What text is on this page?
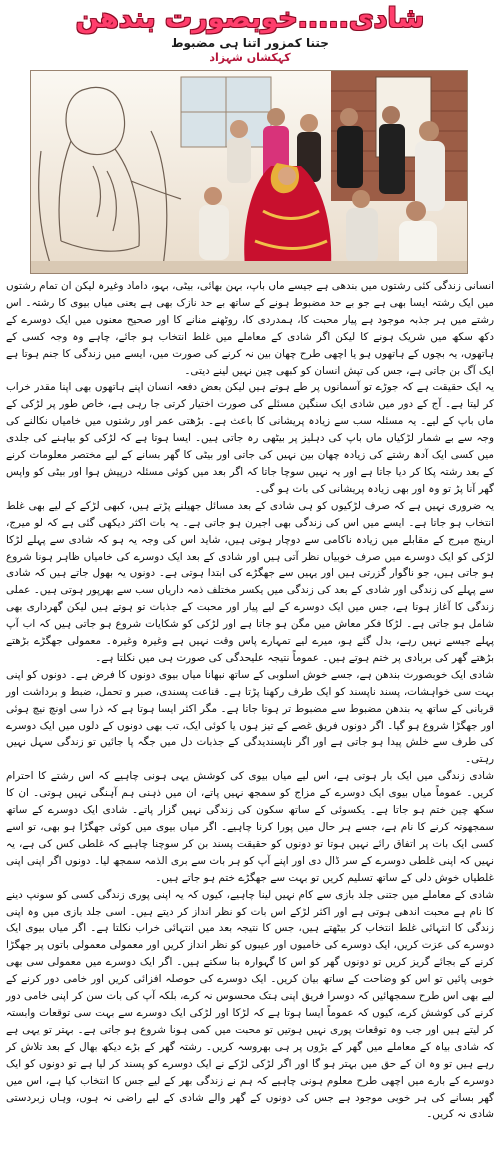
شادی.....خوبصورت بندھن
جتنا کمزور اتنا ہی مضبوط
کہکشاں شہزاد

انسانی زندگی کئی رشتوں میں بندھی ہے جیسے ماں باپ، بہن بھائی، بیٹی، بہو، داماد وغیرہ لیکن ان تمام رشتوں میں ایک رشتہ ایسا بھی ہے جو بے حد مضبوط ہونے کے ساتھ بے حد نازک بھی ہے یعنی میاں بیوی کا رشتہ۔ اس رشتے میں ہر جذبہ موجود ہے پیار محبت کا، ہمدردی کا، روٹھنے منانے کا اور صحیح معنوں میں ایک دوسرے کے دکھ سکھ میں شریک ہونے کا لیکن اگر شادی کے معاملے میں غلط انتخاب ہو جائے، چاہے وہ وجہ کسی کے ہاتھوں، یہ بچوں کے ہاتھوں ہو یا اچھی طرح چھان بین نہ کرنے کی صورت میں، ایسے میں زندگی کا جنم ہوتا ہے ایک آگ بن جاتی ہے، جس کی تپش انسان کو کبھی چین نہیں لینے دیتی۔

یہ ایک حقیقت ہے کہ جوڑے تو آسمانوں پر طے ہوتے ہیں لیکن بعض دفعہ انسان اپنے ہاتھوں بھی اپنا مقدر خراب کر لیتا ہے۔ آج کے دور میں شادی ایک سنگین مسئلے کی صورت اختیار کرتی جا رہی ہے، خاص طور پر لڑکی کے ماں باپ کے لیے۔ یہ مسئلہ سب سے زیادہ پریشانی کا باعث ہے۔ بڑھتی عمر اور رشتوں میں خامیاں نکالنے کی وجہ سے بے شمار لڑکیاں ماں باپ کی دہلیز پر بیٹھی رہ جاتی ہیں۔ ایسا ہوتا ہے کہ لڑکی کو بیاہنے کی جلدی میں کسی ایک آدھ رشتے کی زیادہ چھان بین نہیں کی جاتی اور بیٹی کا گھر بسانے کے لیے مختصر معلومات کرنے کے بعد رشتہ پکا کر دیا جاتا ہے اور یہ نہیں سوچا جاتا کہ اگر بعد میں کوئی مسئلہ درپیش ہوا اور بیٹی کو واپس گھر آنا پڑ تو وہ اور بھی زیادہ پریشانی کی بات ہو گی۔

یہ ضروری نہیں ہے کہ صرف لڑکیوں کو ہی شادی کے بعد مسائل جھیلنے پڑتے ہیں، کبھی لڑکے کے لیے بھی غلط انتخاب ہو جاتا ہے۔ ایسے میں اس کی زندگی بھی اجیرن ہو جاتی ہے۔ یہ بات اکثر دیکھی گئی ہے کہ لو میرج، ارینج میرج کے مقابلے میں زیادہ ناکامی سے دوچار ہوتی ہیں، شاید اس کی وجہ یہ ہو کہ شادی سے پہلے لڑکا لڑکی کو ایک دوسرے میں صرف خوبیاں نظر آتی ہیں اور شادی کے بعد ایک دوسرے کی خامیاں ظاہر ہونا شروع ہو جاتی ہیں، جو ناگوار گزرتی ہیں اور یہیں سے جھگڑے کی ابتدا ہوتی ہے۔ دونوں یہ بھول جاتے ہیں کہ شادی سے پہلے کی زندگی اور شادی کے بعد کی زندگی میں یکسر مختلف ذمہ داریاں سب سے بھرپور ہوتی ہیں۔ عملی زندگی کا آغاز ہوتا ہے، جس میں ایک دوسرے کے لیے پیار اور محبت کے جذبات تو ہوتے ہیں لیکن گھرداری بھی شامل ہو جاتی ہے۔ لڑکا فکر معاش میں مگن ہو جاتا ہے اور لڑکی کو شکایات شروع ہو جاتی ہیں کہ اب آپ پہلے جیسے نہیں رہے، بدل گئے ہو، میرے لیے تمہارے پاس وقت نہیں ہے وغیرہ وغیرہ۔ معمولی جھگڑے بڑھتے بڑھتے گھر کی بربادی پر ختم ہوتے ہیں۔ عموماً نتیجہ علیحدگی کی صورت ہی میں نکلتا ہے۔

شادی ایک خوبصورت بندھن ہے، جسے خوش اسلوبی کے ساتھ نبھانا میاں بیوی دونوں کا فرض ہے۔ دونوں کو اپنی بہت سی خواہشات، پسند ناپسند کو ایک طرف رکھنا پڑتا ہے۔ قناعت پسندی، صبر و تحمل، ضبط و برداشت اور قربانی کے ساتھ یہ بندھن مضبوط سے مضبوط تر ہوتا جاتا ہے۔ مگر اکثر ایسا ہوتا ہے کہ ذرا سی اونچ نیچ ہوئی اور جھگڑا شروع ہو گیا۔ اگر دونوں فریق غصے کے تیز ہوں یا کوئی ایک، تب بھی دونوں کے دلوں میں ایک دوسرے کی طرف سے خلش پیدا ہو جاتی ہے اور اگر ناپسندیدگی کے جذبات دل میں جگہ پا جائیں تو زندگی سہل نہیں رہتی۔

شادی زندگی میں ایک بار ہوتی ہے، اس لیے میاں بیوی کی کوشش یہی ہونی چاہیے کہ اس رشتے کا احترام کریں۔ عموماً میاں بیوی ایک دوسرے کے مزاج کو سمجھ نہیں پاتے، ان میں ذہنی ہم آہنگی نہیں ہوتی۔ ان کا سکھ چین ختم ہو جاتا ہے۔ یکسوئی کے ساتھ سکون کی زندگی نہیں گزار پاتے۔ شادی ایک دوسرے کے ساتھ سمجھوتہ کرنے کا نام ہے، جسے ہر حال میں پورا کرنا چاہیے۔ اگر میاں بیوی میں کوئی جھگڑا ہو بھی، تو اسے کسی ایک بات پر اتفاق رائے نہیں ہوتا تو دونوں کو حقیقت پسند بن کر سوچنا چاہیے کہ غلطی کس کی ہے، یہ نہیں کہ اپنی غلطی دوسرے کے سر ڈال دی اور اپنے آپ کو ہر بات سے بری الذمہ سمجھ لیا۔ دونوں اگر اپنی اپنی غلطیاں خوش دلی کے ساتھ تسلیم کریں تو بہت سے جھگڑے ختم ہو جاتے ہیں۔

شادی کے معاملے میں جتنی جلد بازی سے کام نہیں لینا چاہیے، کیوں کہ یہ اپنی پوری زندگی کسی کو سونپ دینے کا نام ہے محبت اندھی ہوتی ہے اور اکثر لڑکے اس بات کو نظر انداز کر دیتے ہیں۔ اسی جلد بازی میں وہ اپنی زندگی کا انتہائی غلط انتخاب کر بیٹھتے ہیں، جس کا نتیجہ بعد میں انتہائی خراب نکلتا ہے۔ اگر میاں بیوی ایک دوسرے کی عزت کریں، ایک دوسرے کی خامیوں اور عیبوں کو نظر انداز کریں اور معمولی معمولی باتوں پر جھگڑا کرنے کے بجائے گریز کریں تو دونوں گھر کو اس کا گہوارہ بنا سکتے ہیں۔ اگر ایک دوسرے میں معمولی سی بھی خوبی پائیں تو اس کو وضاحت کے ساتھ بیان کریں۔ ایک دوسرے کی حوصلہ افزائی کریں اور خامی دور کرنے کے لیے بھی اس طرح سمجھائیں کہ دوسرا فریق اپنی ہتک محسوس نہ کرے، بلکہ آپ کی بات سن کر اپنی خامی دور کرنے کی کوشش کرے، کیوں کہ عموماً ایسا ہوتا ہے کہ لڑکا اور لڑکی ایک دوسرے سے بہت سی توقعات وابستہ کر لیتے ہیں اور جب وہ توقعات پوری نہیں ہوتیں تو محبت میں کمی ہونا شروع ہو جاتی ہے۔ بہتر تو یہی ہے کہ شادی بیاہ کے معاملے میں گھر کے بڑوں پر ہی بھروسہ کریں۔ رشتہ گھر کے بڑے دیکھ بھال کے بعد تلاش کر رہے ہیں تو وہ ان کے حق میں بہتر ہو گا اور اگر لڑکی لڑکے نے ایک دوسرے کو پسند کر لیا ہے تو دونوں کو ایک دوسرے کے بارے میں اچھی طرح معلوم ہونی چاہیے کہ ہم نے زندگی بھر کے لیے جس کا انتخاب کیا ہے، اس میں گھر بسانے کی ہر خوبی موجود ہے جس کی دونوں کے گھر والے شادی کے لیے راضی نہ ہوں، وہاں زبردستی شادی نہ کریں۔
